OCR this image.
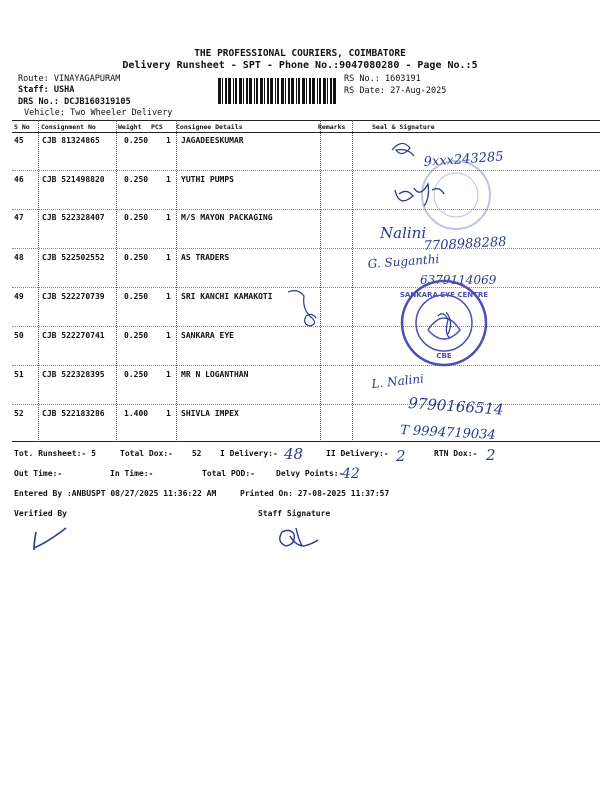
THE PROFESSIONAL COURIERS, COIMBATORE
Delivery Runsheet - SPT - Phone No.:9047080280 - Page No.:5
Route: VINAYAGAPURAM
Staff: USHA
DRS No.: DCJB160319105
Vehicle: Two Wheeler Delivery
RS No.: 1603191
RS Date: 27-Aug-2025
S No Consignment No	Weight PCS Consignee Details	Remarks	Seal & Signature
45 CJB 81324865	0.250 1 JAGADEESKUMAR
46 CJB 521498820 0.250 1 YUTHI PUMPS
47 CJB 522328407 0.250 1 M/S MAYON PACKAGING
48 CJB 522502552 0.250 1 AS TRADERS
49 CJB 522270739 0.250 1 SRI KANCHI KAMAKOTI
50 CJB 522270741 0.250 1 SANKARA EYE
51 CJB 522328395 0.250 1 MR N LOGANTHAN
52 CJB 522183286 1.400 1 SHIVLA IMPEX
9xxx243285
Nalini
7708988288
G. Suganthi
6379114069
SANKARA EYE CENTRE
CBE
L. Nalini
9790166514
T 9994719034
48	2	2
42
Tot. Runsheet:- 5	Total Dox:- 52 I Delivery:-	II Delivery:-	RTN Dox:-
Out Time:-	In Time:-	Total POD:-	Delvy Points:-
Entered By :ANBUSPT 08/27/2025 11:36:22 AM	Printed On: 27-08-2025 11:37:57
Verified By	Staff Signature
